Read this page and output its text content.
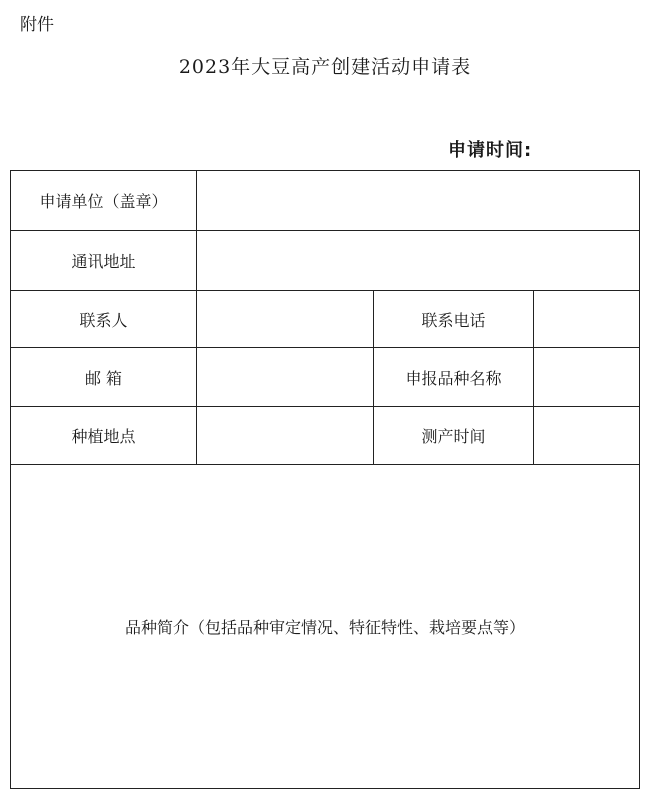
附件
2023年大豆高产创建活动申请表
申请时间:
申请单位（盖章）			
通讯地址			
联系人		联系电话	
邮 箱		申报品种名称	
种植地点		测产时间	
品种简介（包括品种审定情况、特征特性、栽培要点等）			
